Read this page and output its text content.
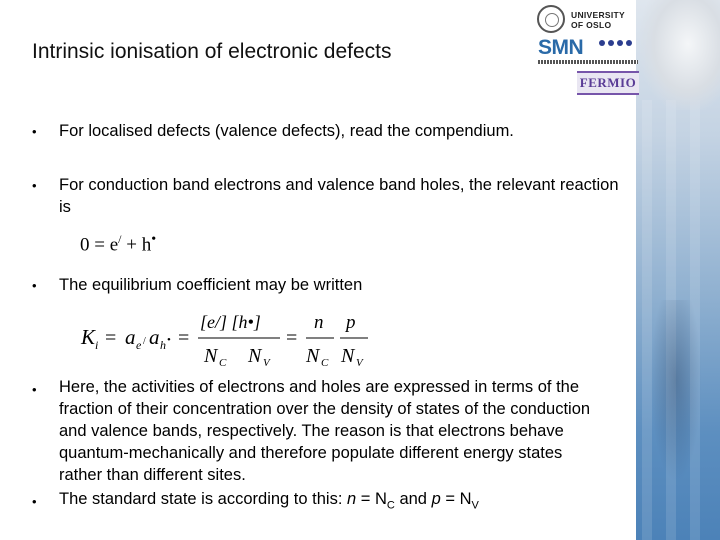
UNIVERSITY
OF OSLO
SMN
FERMIO
Intrinsic ionisation of electronic defects
• For localised defects (valence defects), read the compendium.
• For conduction band electrons and valence band holes, the relevant reaction is
0 = e/ + h•
• The equilibrium coefficient may be written
K i = a e / a h • =
[e/] [h•]
N C N V
=
n
N C
p
N V
• Here, the activities of electrons and holes are expressed in terms of the fraction of their concentration over the density of states of the conduction and valence bands, respectively. The reason is that electrons behave quantum-mechanically and therefore populate different energy states rather than different sites.
• The standard state is according to this: $n = N_C$ and $p = N_V$
